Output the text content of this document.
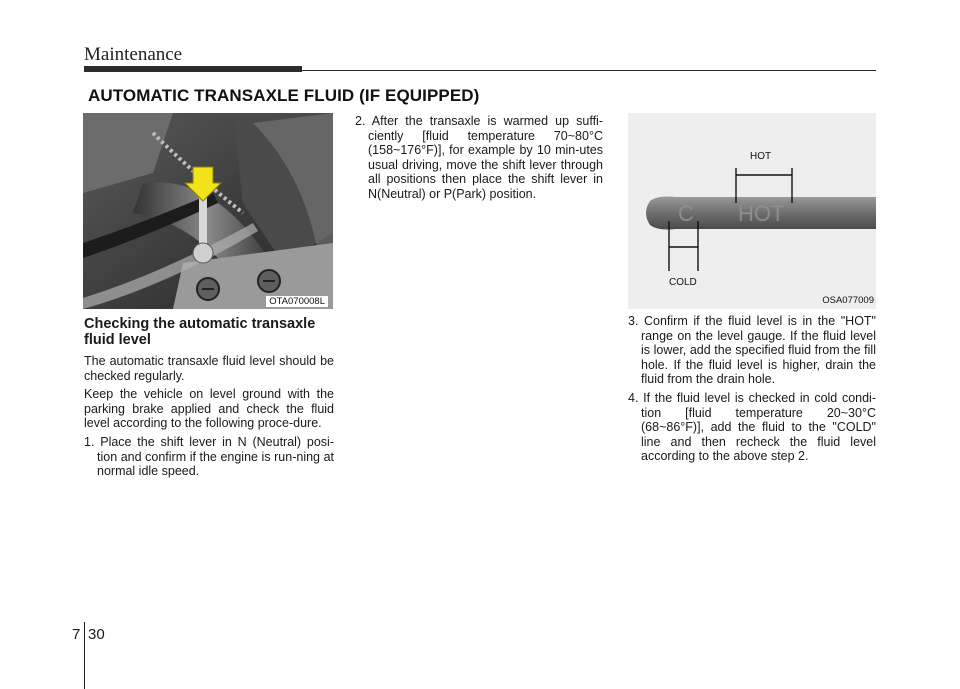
Maintenance
AUTOMATIC TRANSAXLE FLUID (IF EQUIPPED)
OTA070008L
C HOT
HOT
COLD
OSA077009
Checking the automatic transaxle fluid level

The automatic transaxle fluid level should be checked regularly.

Keep the vehicle on level ground with the parking brake applied and check the fluid level according to the following proce-dure.

1. Place the shift lever in N (Neutral) posi-tion and confirm if the engine is run-ning at normal idle speed.

2. After the transaxle is warmed up suffi-ciently [fluid temperature 70~80°C (158~176°F)], for example by 10 min-utes usual driving, move the shift lever through all positions then place the shift lever in N(Neutral) or P(Park) position.

3. Confirm if the fluid level is in the "HOT" range on the level gauge. If the fluid level is lower, add the specified fluid from the fill hole. If the fluid level is higher, drain the fluid from the drain hole.

4. If the fluid level is checked in cold condi-tion [fluid temperature 20~30°C (68~86°F)], add the fluid to the "COLD" line and then recheck the fluid level according to the above step 2.

7 30
